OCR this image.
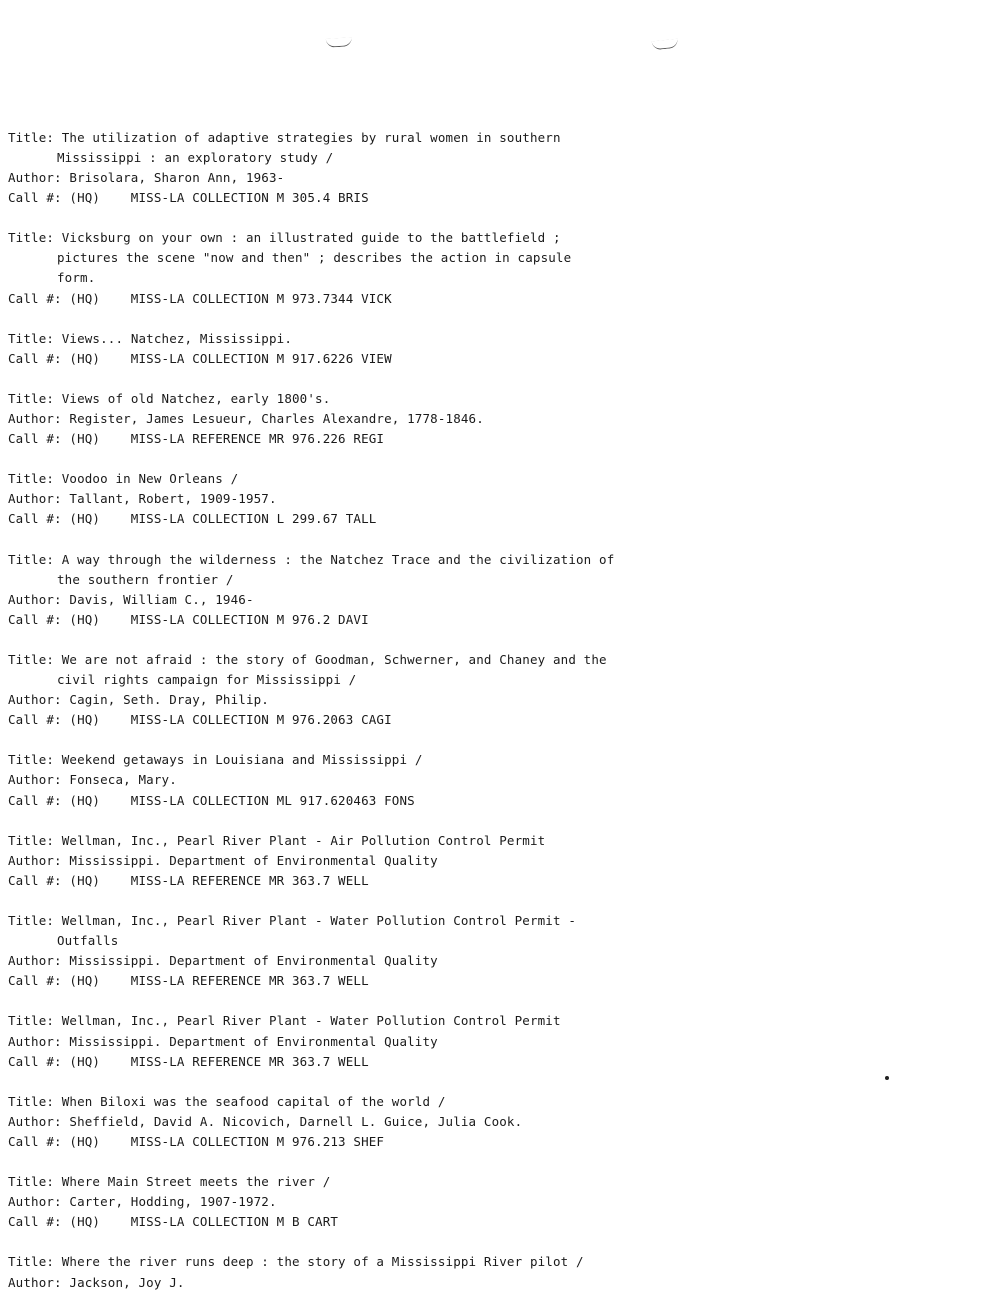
Title: The utilization of adaptive strategies by rural women in southern
Mississippi : an exploratory study /
Author: Brisolara, Sharon Ann, 1963-
Call #: (HQ)    MISS-LA COLLECTION M 305.4 BRIS
Title: Vicksburg on your own : an illustrated guide to the battlefield ;
pictures the scene "now and then" ; describes the action in capsule
form.
Call #: (HQ)    MISS-LA COLLECTION M 973.7344 VICK
Title: Views... Natchez, Mississippi.
Call #: (HQ)    MISS-LA COLLECTION M 917.6226 VIEW
Title: Views of old Natchez, early 1800's.
Author: Register, James Lesueur, Charles Alexandre, 1778-1846.
Call #: (HQ)    MISS-LA REFERENCE MR 976.226 REGI
Title: Voodoo in New Orleans /
Author: Tallant, Robert, 1909-1957.
Call #: (HQ)    MISS-LA COLLECTION L 299.67 TALL
Title: A way through the wilderness : the Natchez Trace and the civilization of
the southern frontier /
Author: Davis, William C., 1946-
Call #: (HQ)    MISS-LA COLLECTION M 976.2 DAVI
Title: We are not afraid : the story of Goodman, Schwerner, and Chaney and the
civil rights campaign for Mississippi /
Author: Cagin, Seth. Dray, Philip.
Call #: (HQ)    MISS-LA COLLECTION M 976.2063 CAGI
Title: Weekend getaways in Louisiana and Mississippi /
Author: Fonseca, Mary.
Call #: (HQ)    MISS-LA COLLECTION ML 917.620463 FONS
Title: Wellman, Inc., Pearl River Plant - Air Pollution Control Permit
Author: Mississippi. Department of Environmental Quality
Call #: (HQ)    MISS-LA REFERENCE MR 363.7 WELL
Title: Wellman, Inc., Pearl River Plant - Water Pollution Control Permit -
Outfalls
Author: Mississippi. Department of Environmental Quality
Call #: (HQ)    MISS-LA REFERENCE MR 363.7 WELL
Title: Wellman, Inc., Pearl River Plant - Water Pollution Control Permit
Author: Mississippi. Department of Environmental Quality
Call #: (HQ)    MISS-LA REFERENCE MR 363.7 WELL
Title: When Biloxi was the seafood capital of the world /
Author: Sheffield, David A. Nicovich, Darnell L. Guice, Julia Cook.
Call #: (HQ)    MISS-LA COLLECTION M 976.213 SHEF
Title: Where Main Street meets the river /
Author: Carter, Hodding, 1907-1972.
Call #: (HQ)    MISS-LA COLLECTION M B CART
Title: Where the river runs deep : the story of a Mississippi River pilot /
Author: Jackson, Joy J.
